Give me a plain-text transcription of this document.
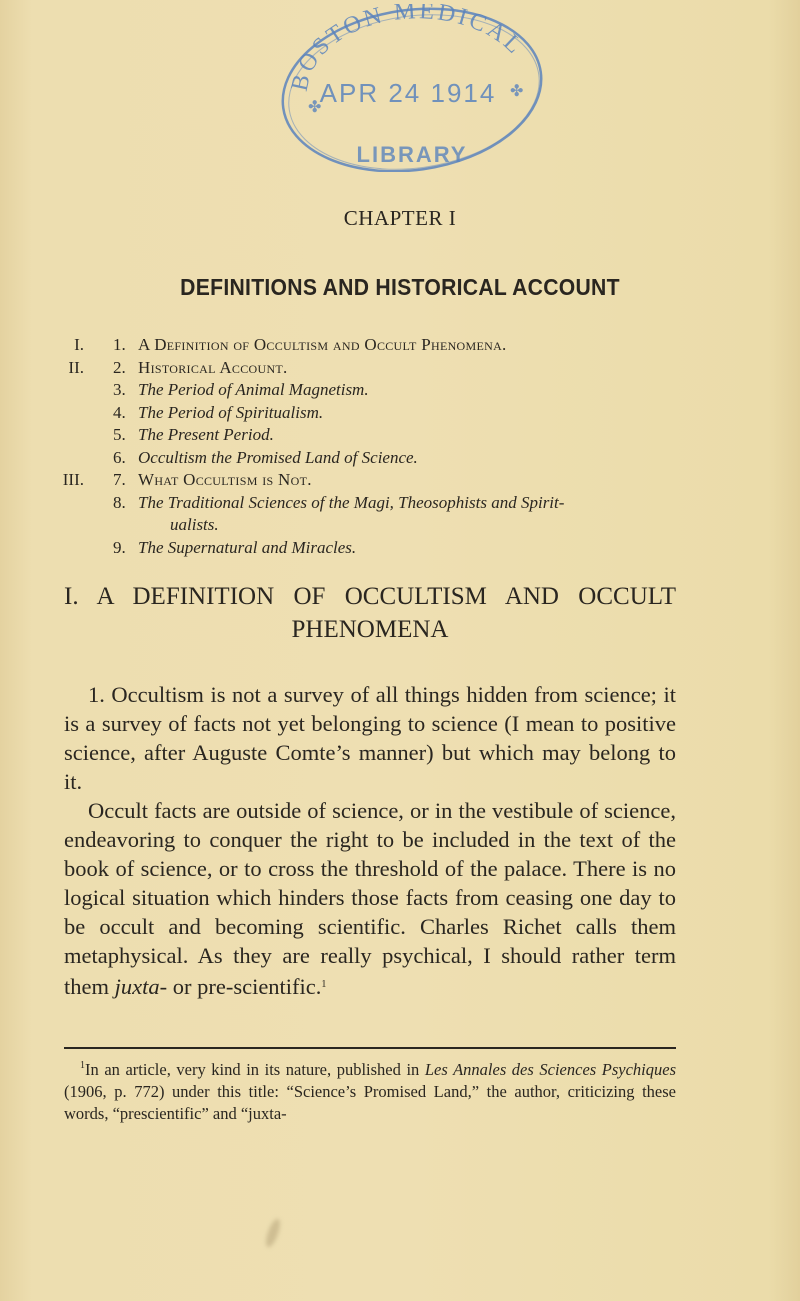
BOSTON MEDICAL
APR 24 1914
LIBRARY
✤
✤
CHAPTER I
DEFINITIONS AND HISTORICAL ACCOUNT
I. 1. A Definition of Occultism and Occult Phenomena.
II. 2. Historical Account.
3. The Period of Animal Magnetism.
4. The Period of Spiritualism.
5. The Present Period.
6. Occultism the Promised Land of Science.
III. 7. What Occultism is Not.
8. The Traditional Sciences of the Magi, Theosophists and Spirit-
ualists.
9. The Supernatural and Miracles.
I. A DEFINITION OF OCCULTISM AND OCCULT
PHENOMENA

1. Occultism is not a survey of all things hidden from science; it is a survey of facts not yet belonging to science (I mean to positive science, after Auguste Comte’s manner) but which may belong to it.

Occult facts are outside of science, or in the vestibule of science, endeavoring to conquer the right to be included in the text of the book of science, or to cross the threshold of the palace. There is no logical situation which hinders those facts from ceasing one day to be occult and becoming scientific. Charles Richet calls them metaphysical. As they are really psychical, I should rather term them juxta- or pre-scientific.$^1$

$^1$In an article, very kind in its nature, published in Les Annales des Sciences Psychiques (1906, p. 772) under this title: “Science’s Promised Land,” the author, criticizing these words, “prescientific” and “juxta-
